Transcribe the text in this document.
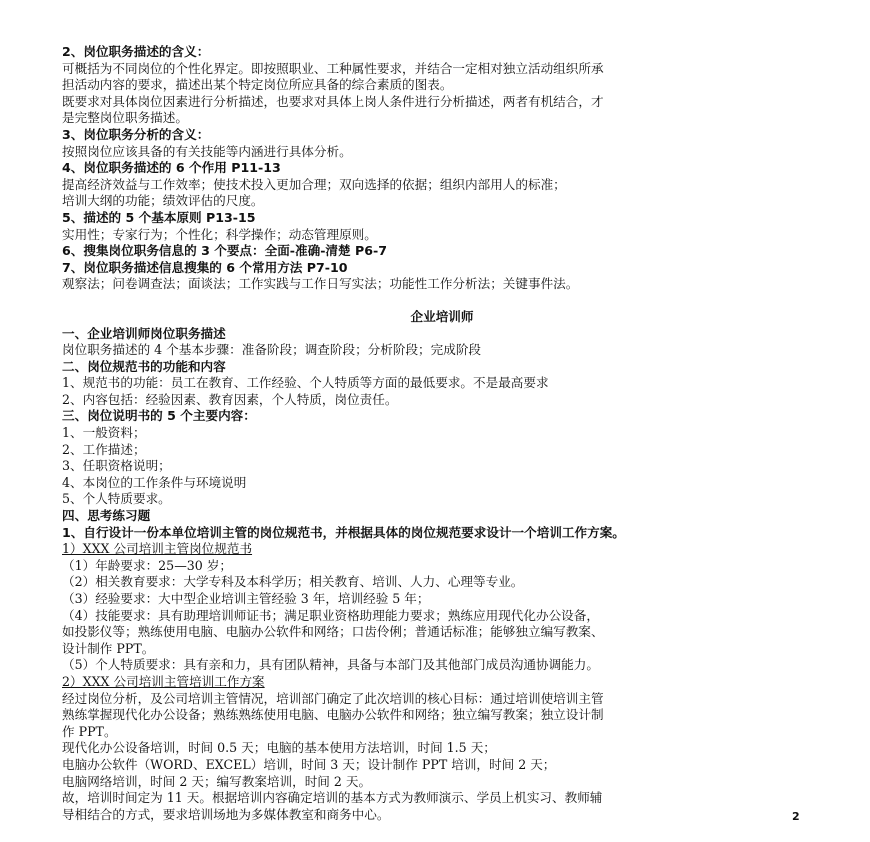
2、岗位职务描述的含义：
可概括为不同岗位的个性化界定。即按照职业、工种属性要求，并结合一定相对独立活动组织所承
担活动内容的要求，描述出某个特定岗位所应具备的综合素质的图表。
既要求对具体岗位因素进行分析描述，也要求对具体上岗人条件进行分析描述，两者有机结合，才
是完整岗位职务描述。
3、岗位职务分析的含义：
按照岗位应该具备的有关技能等内涵进行具体分析。
4、岗位职务描述的 6 个作用 P11-13
提高经济效益与工作效率；使技术投入更加合理；双向选择的依据；组织内部用人的标准；
培训大纲的功能；绩效评估的尺度。
5、描述的 5 个基本原则 P13-15
实用性；专家行为；个性化；科学操作；动态管理原则。
6、搜集岗位职务信息的 3 个要点：全面-准确-清楚 P6-7
7、岗位职务描述信息搜集的 6 个常用方法 P7-10
观察法；问卷调查法；面谈法；工作实践与工作日写实法；功能性工作分析法；关键事件法。
企业培训师
一、企业培训师岗位职务描述
岗位职务描述的 4 个基本步骤：准备阶段；调查阶段；分析阶段；完成阶段
二、岗位规范书的功能和内容
1、规范书的功能：员工在教育、工作经验、个人特质等方面的最低要求。不是最高要求
2、内容包括：经验因素、教育因素，个人特质，岗位责任。
三、岗位说明书的 5 个主要内容：
1、一般资料；
2、工作描述；
3、任职资格说明；
4、本岗位的工作条件与环境说明
5、个人特质要求。
四、思考练习题
1、自行设计一份本单位培训主管的岗位规范书，并根据具体的岗位规范要求设计一个培训工作方案。
1）XXX 公司培训主管岗位规范书
（1）年龄要求：25—30 岁；
（2）相关教育要求：大学专科及本科学历；相关教育、培训、人力、心理等专业。
（3）经验要求：大中型企业培训主管经验 3 年，培训经验 5 年；
（4）技能要求：具有助理培训师证书；满足职业资格助理能力要求；熟练应用现代化办公设备，
如投影仪等；熟练使用电脑、电脑办公软件和网络；口齿伶俐；普通话标准；能够独立编写教案、
设计制作 PPT。
（5）个人特质要求：具有亲和力，具有团队精神，具备与本部门及其他部门成员沟通协调能力。
2）XXX 公司培训主管培训工作方案
经过岗位分析，及公司培训主管情况，培训部门确定了此次培训的核心目标：通过培训使培训主管
熟练掌握现代化办公设备；熟练熟练使用电脑、电脑办公软件和网络；独立编写教案；独立设计制
作 PPT。
现代化办公设备培训，时间 0.5 天；电脑的基本使用方法培训，时间 1.5 天；
电脑办公软件（WORD、EXCEL）培训，时间 3 天；设计制作 PPT 培训，时间 2 天；
电脑网络培训，时间 2 天；编写教案培训，时间 2 天。
故，培训时间定为 11 天。根据培训内容确定培训的基本方式为教师演示、学员上机实习、教师辅
导相结合的方式，要求培训场地为多媒体教室和商务中心。	2
